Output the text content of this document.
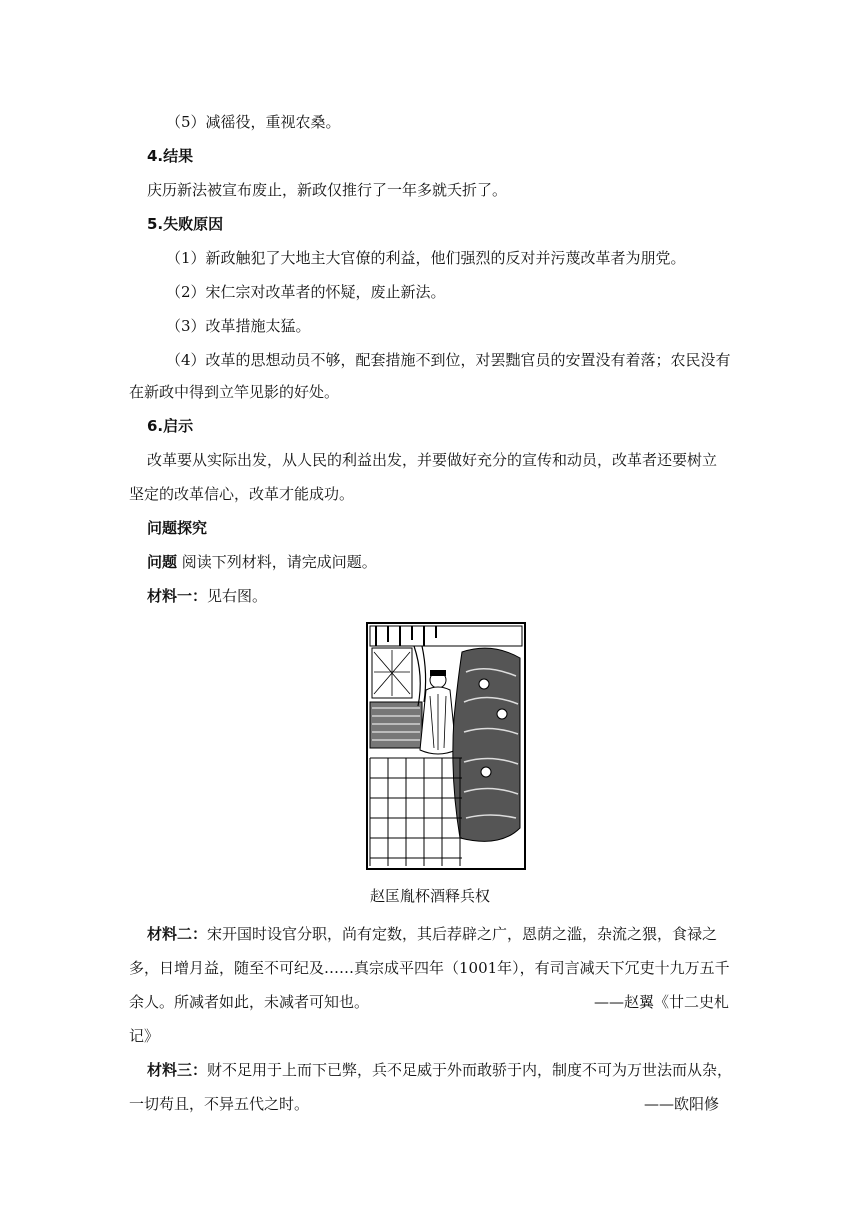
（5）减徭役，重视农桑。
4.结果
庆历新法被宣布废止，新政仅推行了一年多就夭折了。
5.失败原因
（1）新政触犯了大地主大官僚的利益，他们强烈的反对并污蔑改革者为朋党。
（2）宋仁宗对改革者的怀疑，废止新法。
（3）改革措施太猛。
（4）改革的思想动员不够，配套措施不到位，对罢黜官员的安置没有着落；农民没有
在新政中得到立竿见影的好处。
6.启示
改革要从实际出发，从人民的利益出发，并要做好充分的宣传和动员，改革者还要树立
坚定的改革信心，改革才能成功。
问题探究
问题 阅读下列材料，请完成问题。
材料一：见右图。
赵匡胤杯酒释兵权
材料二：宋开国时设官分职，尚有定数，其后荐辟之广，恩荫之滥，杂流之猥，食禄之
多，日增月益，随至不可纪及……真宗成平四年（1001年），有司言减天下冗吏十九万五千
余人。所减者如此，未减者可知也。	——赵翼《廿二史札
记》
材料三：财不足用于上而下已弊，兵不足威于外而敢骄于内，制度不可为万世法而从杂，
一切苟且，不异五代之时。	——欧阳修
